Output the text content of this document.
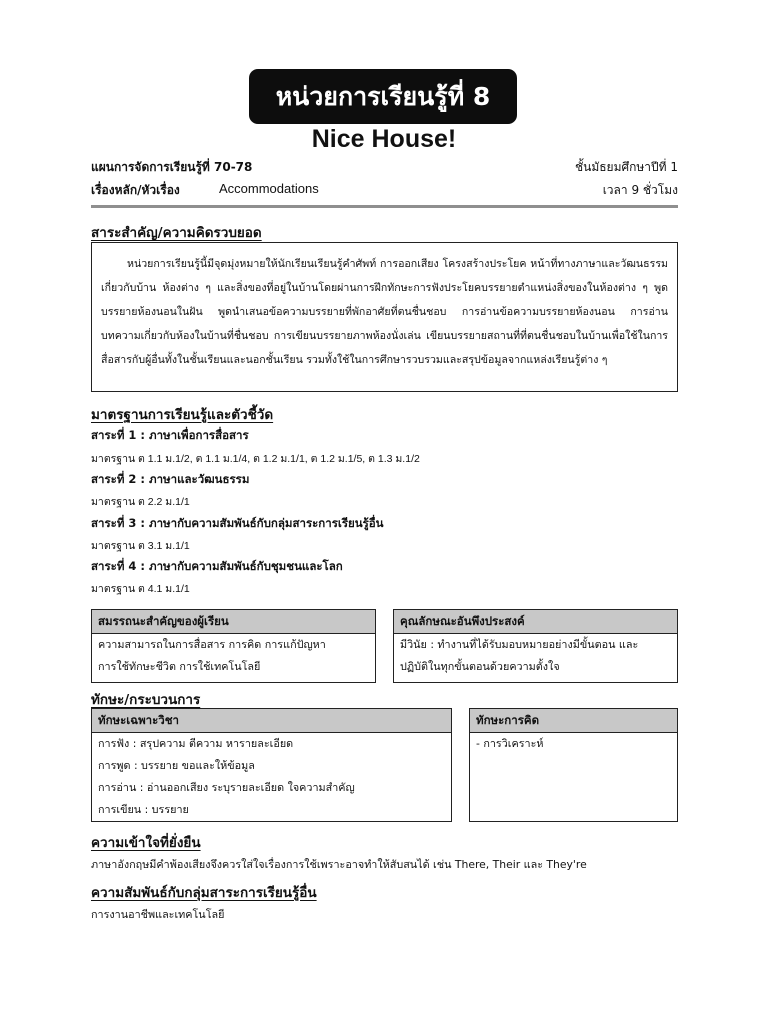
หน่วยการเรียนรู้ที่ 8
Nice House!
แผนการจัดการเรียนรู้ที่ 70-78	ชั้นมัธยมศึกษาปีที่ 1
เรื่องหลัก/หัวเรื่อง	Accommodations	เวลา 9 ชั่วโมง
สาระสำคัญ/ความคิดรวบยอด
หน่วยการเรียนรู้นี้มีจุดมุ่งหมายให้นักเรียนเรียนรู้คำศัพท์ การออกเสียง โครงสร้างประโยค หน้าที่ทางภาษาและวัฒนธรรมเกี่ยวกับบ้าน ห้องต่าง ๆ และสิ่งของที่อยู่ในบ้านโดยผ่านการฝึกทักษะการฟังประโยคบรรยายตำแหน่งสิ่งของในห้องต่าง ๆ พูดบรรยายห้องนอนในฝัน พูดนำเสนอข้อความบรรยายที่พักอาศัยที่ตนชื่นชอบ การอ่านข้อความบรรยายห้องนอน การอ่านบทความเกี่ยวกับห้องในบ้านที่ชื่นชอบ การเขียนบรรยายภาพห้องนั่งเล่น เขียนบรรยายสถานที่ที่ตนชื่นชอบในบ้านเพื่อใช้ในการสื่อสารกับผู้อื่นทั้งในชั้นเรียนและนอกชั้นเรียน รวมทั้งใช้ในการศึกษารวบรวมและสรุปข้อมูลจากแหล่งเรียนรู้ต่าง ๆ
มาตรฐานการเรียนรู้และตัวชี้วัด
สาระที่ 1 : ภาษาเพื่อการสื่อสาร
มาตรฐาน ต 1.1 ม.1/2, ต 1.1 ม.1/4, ต 1.2 ม.1/1, ต 1.2 ม.1/5, ต 1.3 ม.1/2
สาระที่ 2 : ภาษาและวัฒนธรรม
มาตรฐาน ต 2.2 ม.1/1
สาระที่ 3 : ภาษากับความสัมพันธ์กับกลุ่มสาระการเรียนรู้อื่น
มาตรฐาน ต 3.1 ม.1/1
สาระที่ 4 : ภาษากับความสัมพันธ์กับชุมชนและโลก
มาตรฐาน ต 4.1 ม.1/1
สมรรถนะสำคัญของผู้เรียน
ความสามารถในการสื่อสาร การคิด การแก้ปัญหา
การใช้ทักษะชีวิต การใช้เทคโนโลยี
คุณลักษณะอันพึงประสงค์
มีวินัย : ทำงานที่ได้รับมอบหมายอย่างมีขั้นตอน และ
ปฏิบัติในทุกขั้นตอนด้วยความตั้งใจ
ทักษะ/กระบวนการ
ทักษะเฉพาะวิชา
การฟัง : สรุปความ ตีความ หารายละเอียด
การพูด : บรรยาย ขอและให้ข้อมูล
การอ่าน : อ่านออกเสียง ระบุรายละเอียด ใจความสำคัญ
การเขียน : บรรยาย
ทักษะการคิด
- การวิเคราะห์
ความเข้าใจที่ยั่งยืน
ภาษาอังกฤษมีคำพ้องเสียงจึงควรใส่ใจเรื่องการใช้เพราะอาจทำให้สับสนได้ เช่น There, Their และ They're
ความสัมพันธ์กับกลุ่มสาระการเรียนรู้อื่น
การงานอาชีพและเทคโนโลยี
